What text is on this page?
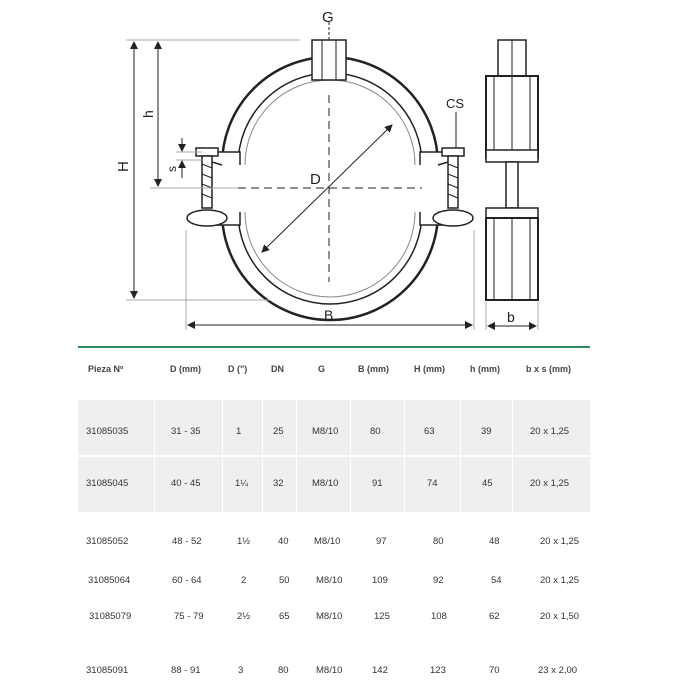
D
G
CS
H
h
s
B	b
Pieza Nº	D (mm)	D (")	DN	G	B (mm)	H (mm)	h (mm)	b x s (mm)
31085035	31 - 35	1	25	M8/10	80	63	39	20 x 1,25
31085045	40 - 45	1¼	32	M8/10	91	74	45	20 x 1,25
31085052	48 - 52	1½	40	M8/10	97	80	48	20 x 1,25
31085064	60 - 64	2	50	M8/10	109	92	54	20 x 1,25
31085079	75 - 79	2½	65	M8/10	125	108	62	20 x 1,50
31085091	88 - 91	3	80	M8/10	142	123	70	23 x 2,00
